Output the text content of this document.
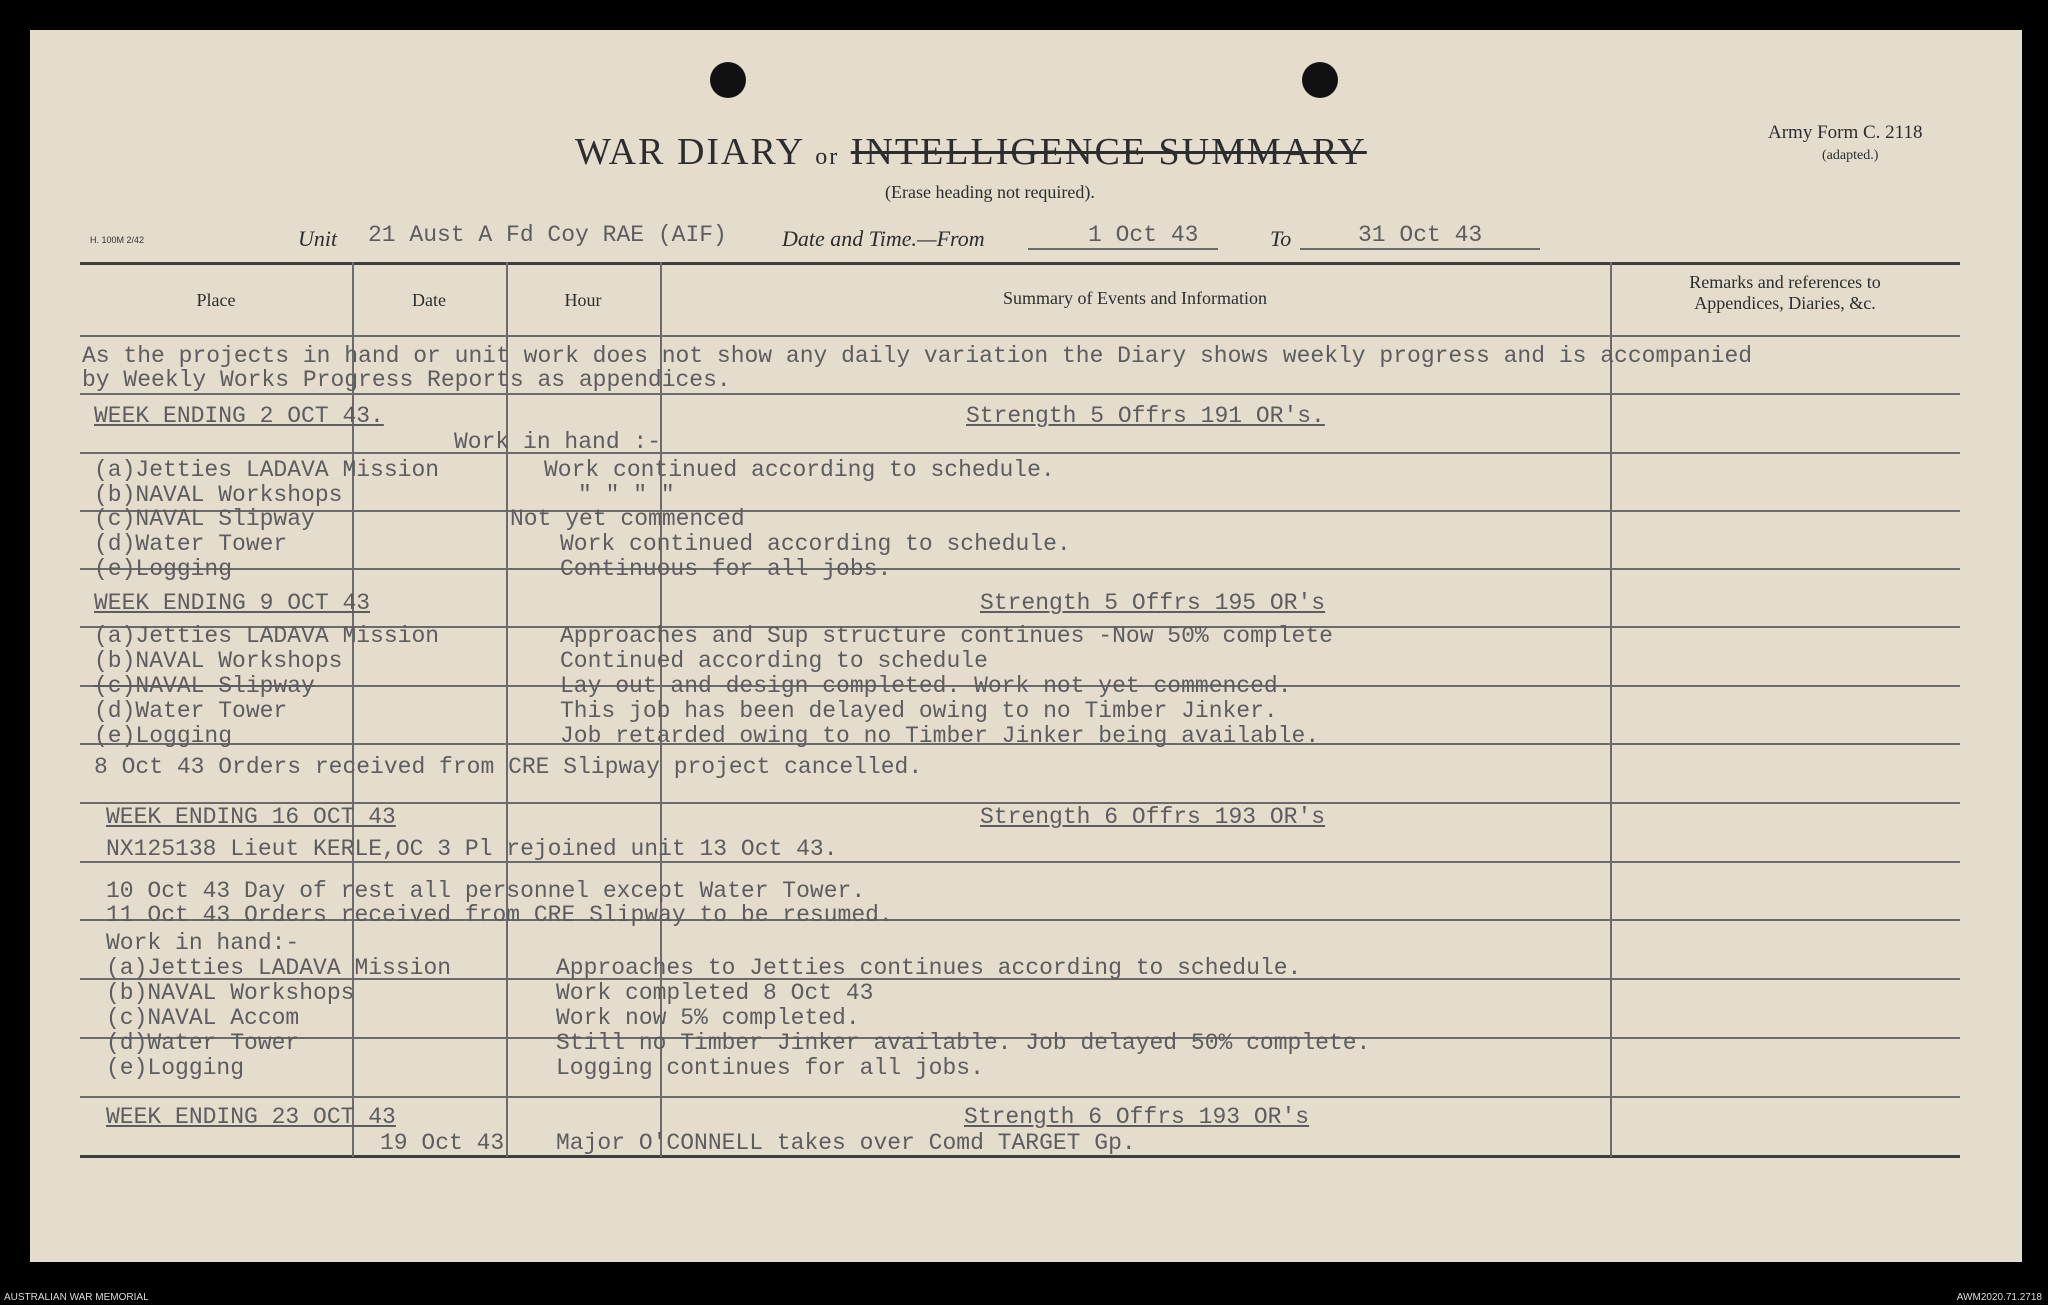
WAR DIARY or INTELLIGENCE SUMMARY
(Erase heading not required).
Army Form C. 2118
(adapted.)
H. 100M 2/42	Unit 21 Aust A Fd Coy RAE (AIF)	Date and Time.—From	1 Oct 43	To	31 Oct 43
Place	Date	Hour	Summary of Events and Information
Remarks and references to
Appendices, Diaries, &c.
As the projects in hand or unit work does not show any daily variation the Diary shows weekly progress and is accompanied
by Weekly Works Progress Reports as appendices.
WEEK ENDING 2 OCT 43.	Strength 5 Offrs 191 OR's.
Work in hand :-
(a)Jetties LADAVA Mission	Work continued according to schedule.
(b)NAVAL Workshops	" " " "
(c)NAVAL Slipway	Not yet commenced
(d)Water Tower	Work continued according to schedule.
(e)Logging	Continuous for all jobs.
WEEK ENDING 9 OCT 43	Strength 5 Offrs 195 OR's
(a)Jetties LADAVA Mission	Approaches and Sup structure continues -Now 50% complete
(b)NAVAL Workshops	Continued according to schedule
(c)NAVAL Slipway	Lay out and design completed. Work not yet commenced.
(d)Water Tower	This job has been delayed owing to no Timber Jinker.
(e)Logging	Job retarded owing to no Timber Jinker being available.
8 Oct 43 Orders received from CRE Slipway project cancelled.
WEEK ENDING 16 OCT 43	Strength 6 Offrs 193 OR's
NX125138 Lieut KERLE,OC 3 Pl rejoined unit 13 Oct 43.
10 Oct 43 Day of rest all personnel except Water Tower.
11 Oct 43 Orders received from CRE Slipway to be resumed.
Work in hand:-
(a)Jetties LADAVA Mission	Approaches to Jetties continues according to schedule.
(b)NAVAL Workshops	Work completed 8 Oct 43
(c)NAVAL Accom	Work now 5% completed.
(d)Water Tower	Still no Timber Jinker available. Job delayed 50% complete.
(e)Logging	Logging continues for all jobs.
WEEK ENDING 23 OCT 43	Strength 6 Offrs 193 OR's
19 Oct 43 Major O'CONNELL takes over Comd TARGET Gp.
AUSTRALIAN WAR MEMORIAL	AWM2020.71.2718
